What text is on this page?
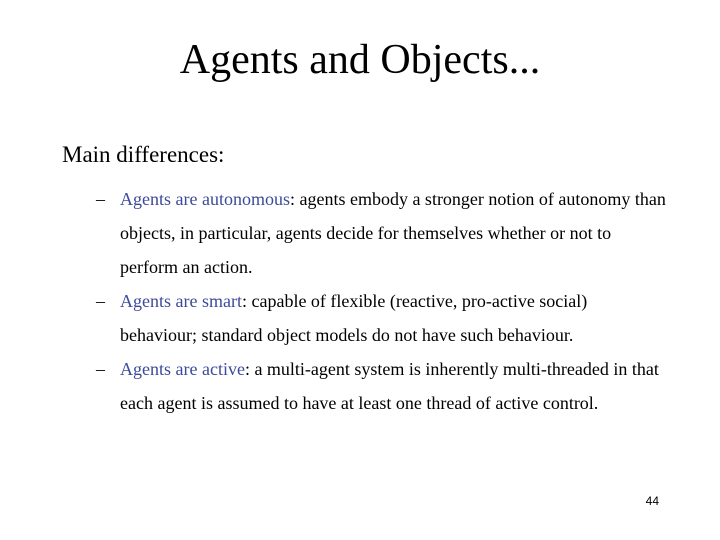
Agents and Objects...
Main differences:
– Agents are autonomous: agents embody a stronger notion of autonomy than objects, in particular, agents decide for themselves whether or not to perform an action.
– Agents are smart: capable of flexible (reactive, pro-active social) behaviour; standard object models do not have such behaviour.
– Agents are active: a multi-agent system is inherently multi-threaded in that each agent is assumed to have at least one thread of active control.
44
